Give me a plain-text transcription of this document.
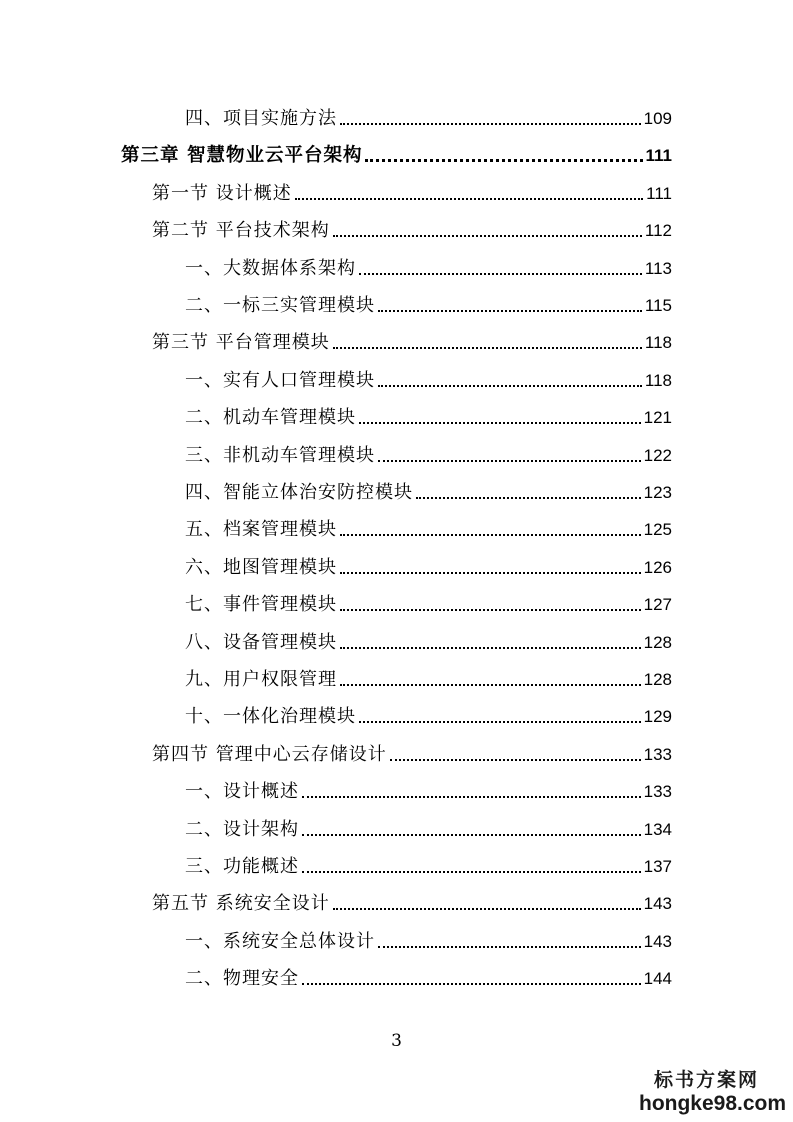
四、项目实施方法	109
第三章 智慧物业云平台架构	111
第一节 设计概述	111
第二节 平台技术架构	112
一、大数据体系架构	113
二、一标三实管理模块	115
第三节 平台管理模块	118
一、实有人口管理模块	118
二、机动车管理模块	121
三、非机动车管理模块	122
四、智能立体治安防控模块	123
五、档案管理模块	125
六、地图管理模块	126
七、事件管理模块	127
八、设备管理模块	128
九、用户权限管理	128
十、一体化治理模块	129
第四节 管理中心云存储设计	133
一、设计概述	133
二、设计架构	134
三、功能概述	137
第五节 系统安全设计	143
一、系统安全总体设计	143
二、物理安全	144
3
标书方案网
hongke98.com
